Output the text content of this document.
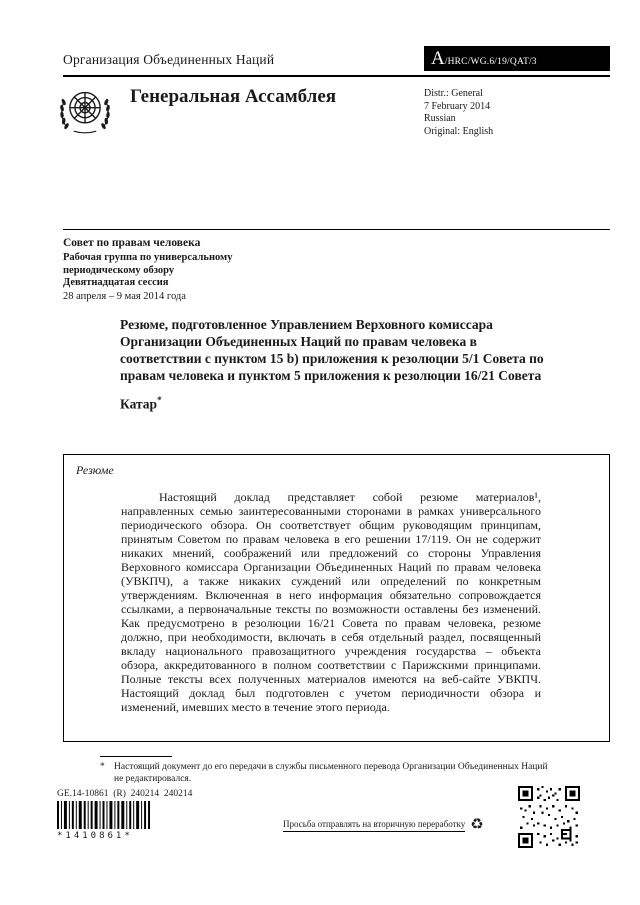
Организация Объединенных Наций	A /HRC/WG.6/19/QAT/3
Генеральная Ассамблея	Distr.: General
7 February 2014
Russian
Original: English
Совет по правам человека
Рабочая группа по универсальному
периодическому обзору
Девятнадцатая сессия
28 апреля – 9 мая 2014 года
Резюме, подготовленное Управлением Верховного комиссара Организации Объединенных Наций по правам человека в соответствии с пунктом 15 b) приложения к резолюции 5/1 Совета по правам человека и пунктом 5 приложения к резолюции 16/21 Совета
Катар*
Резюме

Настоящий доклад представляет собой резюме материалов¹, направленных семью заинтересованными сторонами в рамках универсального периодического обзора. Он соответствует общим руководящим принципам, принятым Советом по правам человека в его решении 17/119. Он не содержит никаких мнений, соображений или предложений со стороны Управления Верховного комиссара Организации Объединенных Наций по правам человека (УВКПЧ), а также никаких суждений или определений по конкретным утверждениям. Включенная в него информация обязательно сопровождается ссылками, а первоначальные тексты по возможности оставлены без изменений. Как предусмотрено в резолюции 16/21 Совета по правам человека, резюме должно, при необходимости, включать в себя отдельный раздел, посвященный вкладу национального правозащитного учреждения государства – объекта обзора, аккредитованного в полном соответствии с Парижскими принципами. Полные тексты всех полученных материалов имеются на веб-сайте УВКПЧ. Настоящий доклад был подготовлен с учетом периодичности обзора и изменений, имевших место в течение этого периода.

* Настоящий документ до его передачи в службы письменного перевода Организации Объединенных Наций не редактировался.
GE.14-10861  (R)  240214  240214
*1410861*
Просьба отправлять на вторичную переработку ♻
